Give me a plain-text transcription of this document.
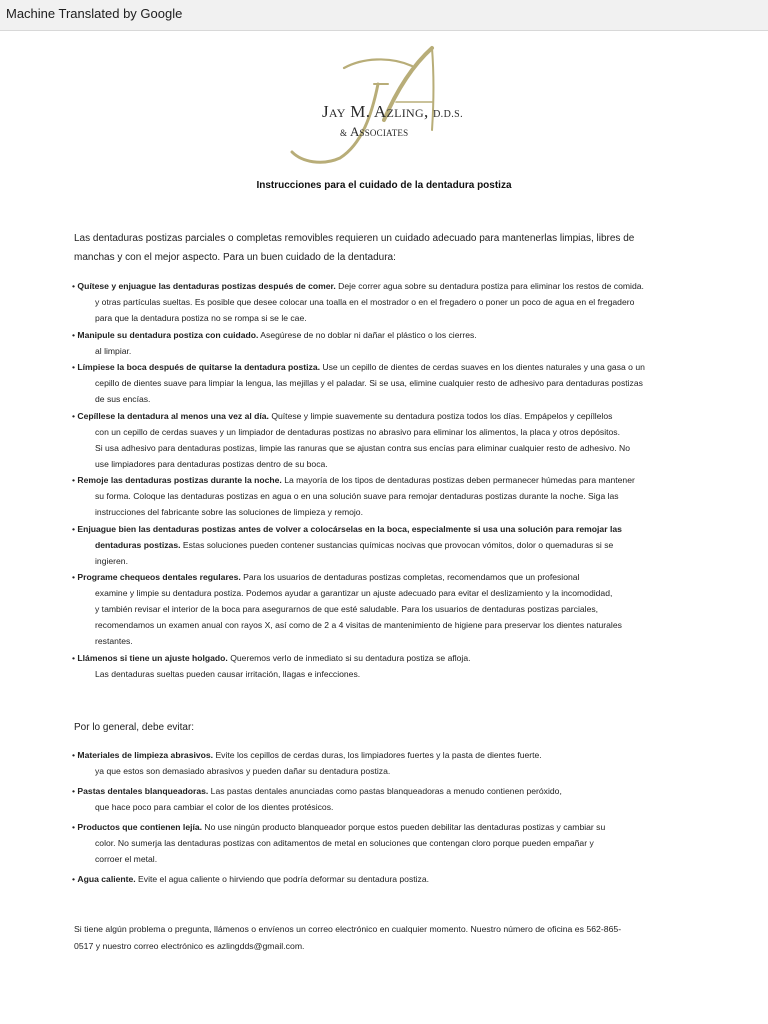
Machine Translated by Google
Jay M. Azling, D.D.S.
& Associates
Instrucciones para el cuidado de la dentadura postiza
Las dentaduras postizas parciales o completas removibles requieren un cuidado adecuado para mantenerlas limpias, libres de
manchas y con el mejor aspecto. Para un buen cuidado de la dentadura:
• Quítese y enjuague las dentaduras postizas después de comer. Deje correr agua sobre su dentadura postiza para eliminar los restos de comida.
y otras partículas sueltas. Es posible que desee colocar una toalla en el mostrador o en el fregadero o poner un poco de agua en el fregadero
para que la dentadura postiza no se rompa si se le cae.
• Manipule su dentadura postiza con cuidado. Asegúrese de no doblar ni dañar el plástico o los cierres.
al limpiar.
• Límpiese la boca después de quitarse la dentadura postiza. Use un cepillo de dientes de cerdas suaves en los dientes naturales y una gasa o un
cepillo de dientes suave para limpiar la lengua, las mejillas y el paladar. Si se usa, elimine cualquier resto de adhesivo para dentaduras postizas
de sus encías.
• Cepíllese la dentadura al menos una vez al día. Quítese y limpie suavemente su dentadura postiza todos los días. Empápelos y cepíllelos
con un cepillo de cerdas suaves y un limpiador de dentaduras postizas no abrasivo para eliminar los alimentos, la placa y otros depósitos.
Si usa adhesivo para dentaduras postizas, limpie las ranuras que se ajustan contra sus encías para eliminar cualquier resto de adhesivo. No
use limpiadores para dentaduras postizas dentro de su boca.
• Remoje las dentaduras postizas durante la noche. La mayoría de los tipos de dentaduras postizas deben permanecer húmedas para mantener
su forma. Coloque las dentaduras postizas en agua o en una solución suave para remojar dentaduras postizas durante la noche. Siga las
instrucciones del fabricante sobre las soluciones de limpieza y remojo.
• Enjuague bien las dentaduras postizas antes de volver a colocárselas en la boca, especialmente si usa una solución para remojar las
dentaduras postizas. Estas soluciones pueden contener sustancias químicas nocivas que provocan vómitos, dolor o quemaduras si se
ingieren.
• Programe chequeos dentales regulares. Para los usuarios de dentaduras postizas completas, recomendamos que un profesional
examine y limpie su dentadura postiza. Podemos ayudar a garantizar un ajuste adecuado para evitar el deslizamiento y la incomodidad,
y también revisar el interior de la boca para asegurarnos de que esté saludable. Para los usuarios de dentaduras postizas parciales,
recomendamos un examen anual con rayos X, así como de 2 a 4 visitas de mantenimiento de higiene para preservar los dientes naturales
restantes.
• Llámenos si tiene un ajuste holgado. Queremos verlo de inmediato si su dentadura postiza se afloja.
Las dentaduras sueltas pueden causar irritación, llagas e infecciones.
Por lo general, debe evitar:
• Materiales de limpieza abrasivos. Evite los cepillos de cerdas duras, los limpiadores fuertes y la pasta de dientes fuerte.
ya que estos son demasiado abrasivos y pueden dañar su dentadura postiza.
• Pastas dentales blanqueadoras. Las pastas dentales anunciadas como pastas blanqueadoras a menudo contienen peróxido,
que hace poco para cambiar el color de los dientes protésicos.
• Productos que contienen lejía. No use ningún producto blanqueador porque estos pueden debilitar las dentaduras postizas y cambiar su
color. No sumerja las dentaduras postizas con aditamentos de metal en soluciones que contengan cloro porque pueden empañar y
corroer el metal.
• Agua caliente. Evite el agua caliente o hirviendo que podría deformar su dentadura postiza.
Si tiene algún problema o pregunta, llámenos o envíenos un correo electrónico en cualquier momento. Nuestro número de oficina es 562-865-
0517 y nuestro correo electrónico es azlingdds@gmail.com.
